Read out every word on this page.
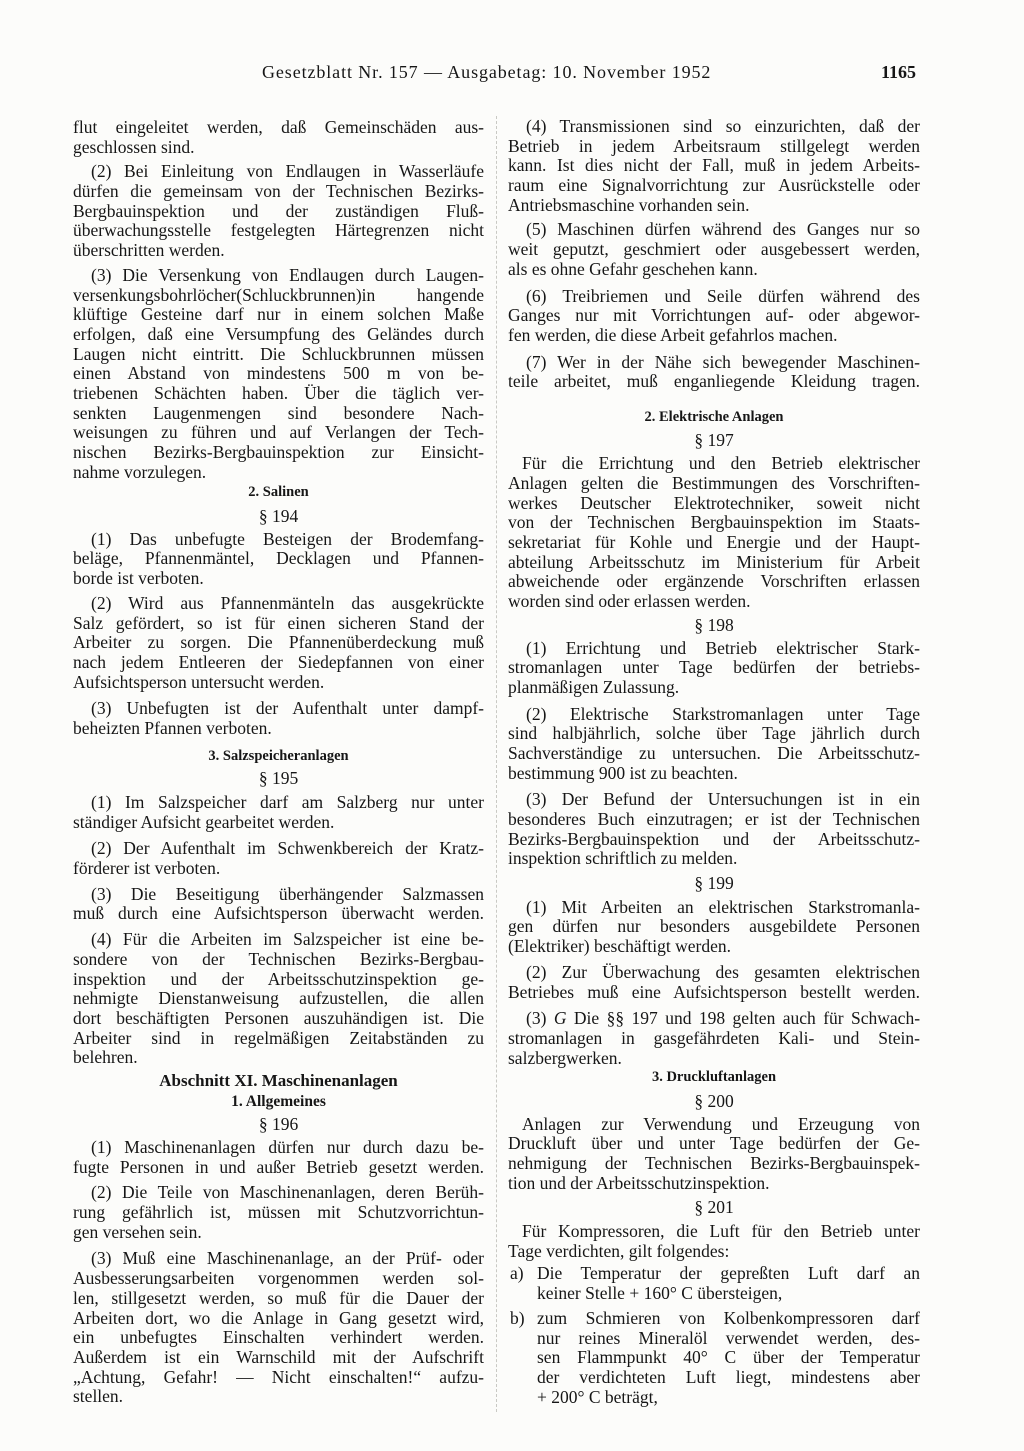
Gesetzblatt Nr. 157 — Ausgabetag: 10. November 1952	1165
flut eingeleitet werden, daß Gemeinschäden aus-
geschlossen sind.
(2) Bei Einleitung von Endlaugen in Wasserläufe
dürfen die gemeinsam von der Technischen Bezirks-
Bergbauinspektion und der zuständigen Fluß-
überwachungsstelle festgelegten Härtegrenzen nicht
überschritten werden.
(3) Die Versenkung von Endlaugen durch Laugen-
versenkungsbohrlöcher(Schluckbrunnen)in hangende
klüftige Gesteine darf nur in einem solchen Maße
erfolgen, daß eine Versumpfung des Geländes durch
Laugen nicht eintritt. Die Schluckbrunnen müssen
einen Abstand von mindestens 500 m von be-
triebenen Schächten haben. Über die täglich ver-
senkten Laugenmengen sind besondere Nach-
weisungen zu führen und auf Verlangen der Tech-
nischen Bezirks-Bergbauinspektion zur Einsicht-
nahme vorzulegen.
2. Salinen
§ 194
(1) Das unbefugte Besteigen der Brodemfang-
beläge, Pfannenmäntel, Decklagen und Pfannen-
borde ist verboten.
(2) Wird aus Pfannenmänteln das ausgekrückte
Salz gefördert, so ist für einen sicheren Stand der
Arbeiter zu sorgen. Die Pfannenüberdeckung muß
nach jedem Entleeren der Siedepfannen von einer
Aufsichtsperson untersucht werden.
(3) Unbefugten ist der Aufenthalt unter dampf-
beheizten Pfannen verboten.
3. Salzspeicheranlagen
§ 195
(1) Im Salzspeicher darf am Salzberg nur unter
ständiger Aufsicht gearbeitet werden.
(2) Der Aufenthalt im Schwenkbereich der Kratz-
förderer ist verboten.
(3) Die Beseitigung überhängender Salzmassen
muß durch eine Aufsichtsperson überwacht werden.
(4) Für die Arbeiten im Salzspeicher ist eine be-
sondere von der Technischen Bezirks-Bergbau-
inspektion und der Arbeitsschutzinspektion ge-
nehmigte Dienstanweisung aufzustellen, die allen
dort beschäftigten Personen auszuhändigen ist. Die
Arbeiter sind in regelmäßigen Zeitabständen zu
belehren.
Abschnitt XI. Maschinenanlagen
1. Allgemeines
§ 196
(1) Maschinenanlagen dürfen nur durch dazu be-
fugte Personen in und außer Betrieb gesetzt werden.
(2) Die Teile von Maschinenanlagen, deren Berüh-
rung gefährlich ist, müssen mit Schutzvorrichtun-
gen versehen sein.
(3) Muß eine Maschinenanlage, an der Prüf- oder
Ausbesserungsarbeiten vorgenommen werden sol-
len, stillgesetzt werden, so muß für die Dauer der
Arbeiten dort, wo die Anlage in Gang gesetzt wird,
ein unbefugtes Einschalten verhindert werden.
Außerdem ist ein Warnschild mit der Aufschrift
„Achtung, Gefahr! — Nicht einschalten!“ aufzu-
stellen.
(4) Transmissionen sind so einzurichten, daß der
Betrieb in jedem Arbeitsraum stillgelegt werden
kann. Ist dies nicht der Fall, muß in jedem Arbeits-
raum eine Signalvorrichtung zur Ausrückstelle oder
Antriebsmaschine vorhanden sein.
(5) Maschinen dürfen während des Ganges nur so
weit geputzt, geschmiert oder ausgebessert werden,
als es ohne Gefahr geschehen kann.
(6) Treibriemen und Seile dürfen während des
Ganges nur mit Vorrichtungen auf- oder abgewor-
fen werden, die diese Arbeit gefahrlos machen.
(7) Wer in der Nähe sich bewegender Maschinen-
teile arbeitet, muß enganliegende Kleidung tragen.
2. Elektrische Anlagen
§ 197
Für die Errichtung und den Betrieb elektrischer
Anlagen gelten die Bestimmungen des Vorschriften-
werkes Deutscher Elektrotechniker, soweit nicht
von der Technischen Bergbauinspektion im Staats-
sekretariat für Kohle und Energie und der Haupt-
abteilung Arbeitsschutz im Ministerium für Arbeit
abweichende oder ergänzende Vorschriften erlassen
worden sind oder erlassen werden.
§ 198
(1) Errichtung und Betrieb elektrischer Stark-
stromanlagen unter Tage bedürfen der betriebs-
planmäßigen Zulassung.
(2) Elektrische Starkstromanlagen unter Tage
sind halbjährlich, solche über Tage jährlich durch
Sachverständige zu untersuchen. Die Arbeitsschutz-
bestimmung 900 ist zu beachten.
(3) Der Befund der Untersuchungen ist in ein
besonderes Buch einzutragen; er ist der Technischen
Bezirks-Bergbauinspektion und der Arbeitsschutz-
inspektion schriftlich zu melden.
§ 199
(1) Mit Arbeiten an elektrischen Starkstromanla-
gen dürfen nur besonders ausgebildete Personen
(Elektriker) beschäftigt werden.
(2) Zur Überwachung des gesamten elektrischen
Betriebes muß eine Aufsichtsperson bestellt werden.
(3) G Die §§ 197 und 198 gelten auch für Schwach-
stromanlagen in gasgefährdeten Kali- und Stein-
salzbergwerken.
3. Druckluftanlagen
§ 200
Anlagen zur Verwendung und Erzeugung von
Druckluft über und unter Tage bedürfen der Ge-
nehmigung der Technischen Bezirks-Bergbauinspek-
tion und der Arbeitsschutzinspektion.
§ 201
Für Kompressoren, die Luft für den Betrieb unter
Tage verdichten, gilt folgendes:
a) Die Temperatur der gepreßten Luft darf an
keiner Stelle + 160° C übersteigen,
b) zum Schmieren von Kolbenkompressoren darf
nur reines Mineralöl verwendet werden, des-
sen Flammpunkt 40° C über der Temperatur
der verdichteten Luft liegt, mindestens aber
+ 200° C beträgt,
